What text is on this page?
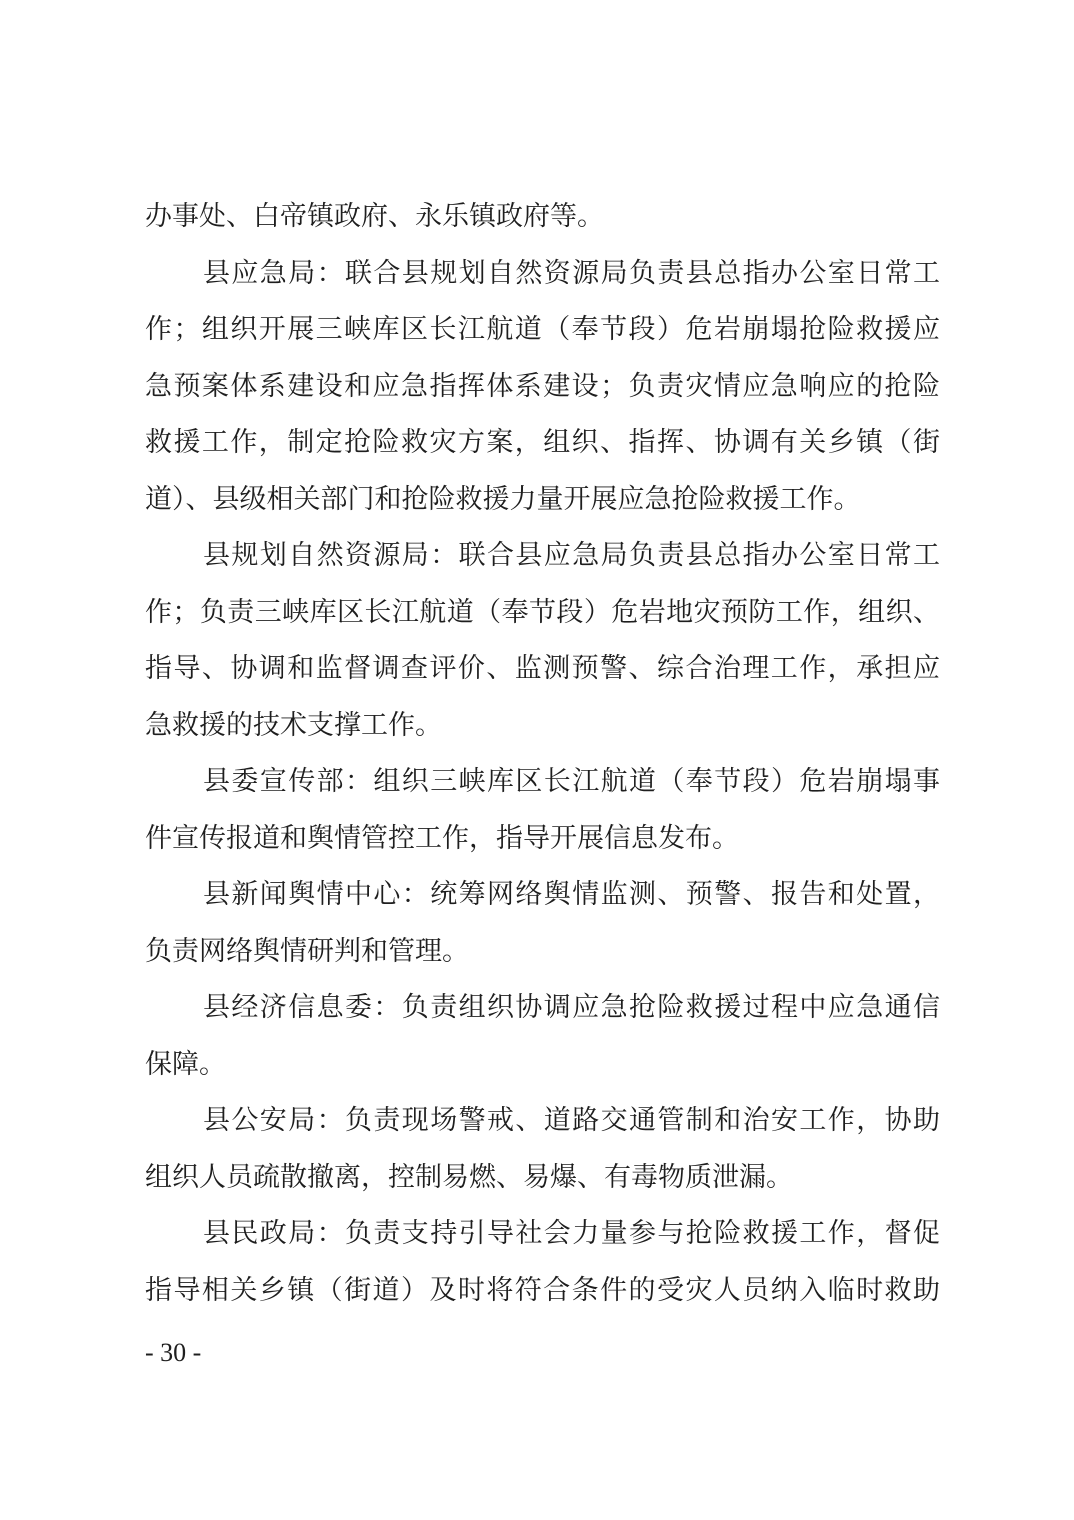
办事处、白帝镇政府、永乐镇政府等。
县应急局：联合县规划自然资源局负责县总指办公室日常工
作；组织开展三峡库区长江航道（奉节段）危岩崩塌抢险救援应
急预案体系建设和应急指挥体系建设；负责灾情应急响应的抢险
救援工作，制定抢险救灾方案，组织、指挥、协调有关乡镇（街
道）、县级相关部门和抢险救援力量开展应急抢险救援工作。
县规划自然资源局：联合县应急局负责县总指办公室日常工
作；负责三峡库区长江航道（奉节段）危岩地灾预防工作，组织、
指导、协调和监督调查评价、监测预警、综合治理工作，承担应
急救援的技术支撑工作。
县委宣传部：组织三峡库区长江航道（奉节段）危岩崩塌事
件宣传报道和舆情管控工作，指导开展信息发布。
县新闻舆情中心：统筹网络舆情监测、预警、报告和处置，
负责网络舆情研判和管理。
县经济信息委：负责组织协调应急抢险救援过程中应急通信
保障。
县公安局：负责现场警戒、道路交通管制和治安工作，协助
组织人员疏散撤离，控制易燃、易爆、有毒物质泄漏。
县民政局：负责支持引导社会力量参与抢险救援工作，督促
指导相关乡镇（街道）及时将符合条件的受灾人员纳入临时救助
- 30 -
